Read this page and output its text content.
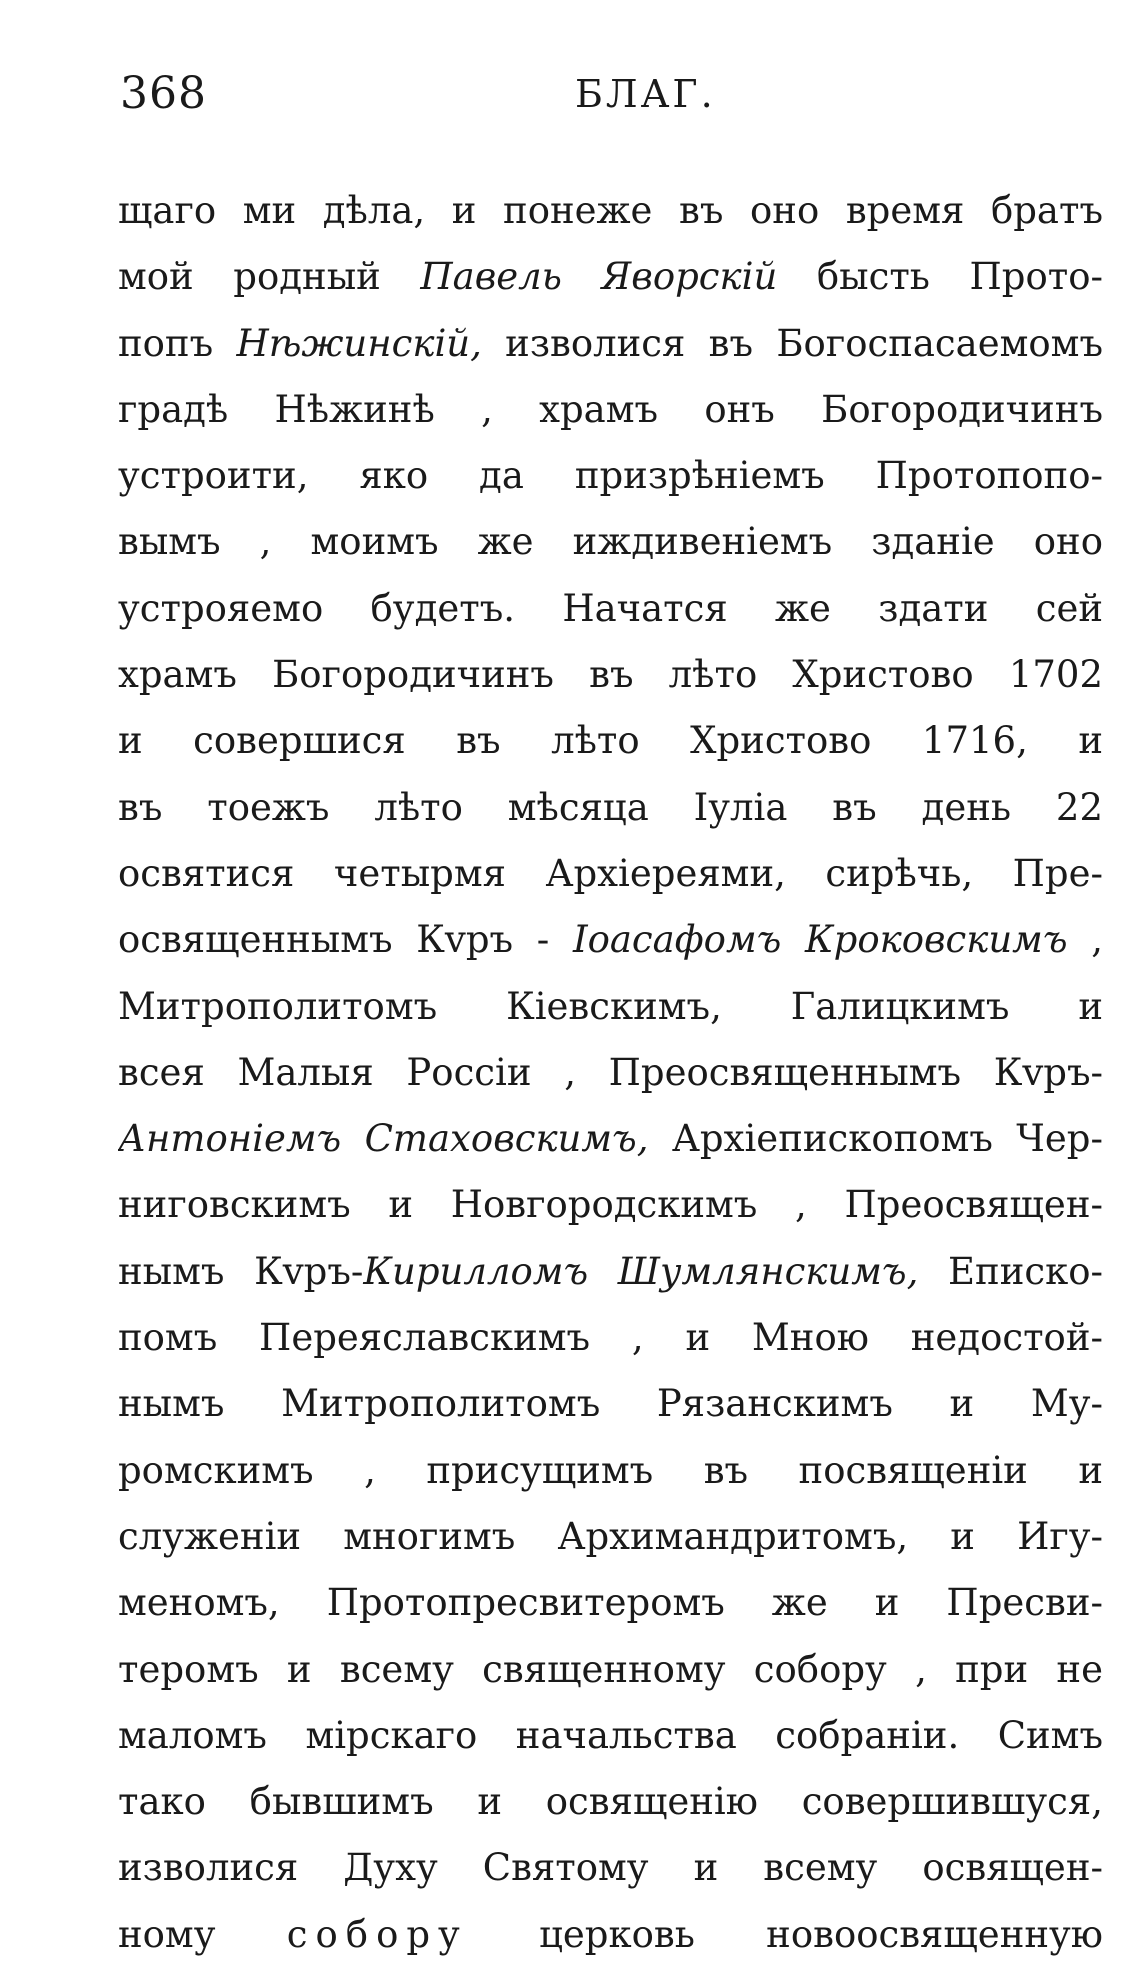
368	БЛАГ.
щаго ми дѣла, и понеже въ оно время братъ
мой родный Павель Яворскій бысть Прото-
попъ Нѣжинскій, изволися въ Богоспасаемомъ
градѣ Нѣжинѣ , храмъ онъ Богородичинъ
устроити, яко да призрѣніемъ Протопопо-
вымъ , моимъ же иждивеніемъ зданіе оно
устрояемо будетъ. Начатся же здати сей
храмъ Богородичинъ въ лѣто Христово 1702
и совершися въ лѣто Христово 1716, и
въ тоежъ лѣто мѣсяца Іуліа въ день 22
освятися четырмя Архіереями, сирѣчь, Пре-
освященнымъ Кvръ - Іоасафомъ Кроковскимъ ,
Митрополитомъ Кіевскимъ, Галицкимъ и
всея Малыя Россіи , Преосвященнымъ Кvръ-
Антоніемъ Стаховскимъ, Архіепископомъ Чер-
ниговскимъ и Новгородскимъ , Преосвящен-
нымъ Кvръ-Кирилломъ Шумлянскимъ, Еписко-
помъ Переяславскимъ , и Мною недостой-
нымъ Митрополитомъ Рязанскимъ и Му-
ромскимъ , присущимъ въ посвященіи и
служеніи многимъ Архимандритомъ, и Игу-
меномъ, Протопресвитеромъ же и Пресви-
тeромъ и всему священному собору , при не
маломъ мірскаго начальства собраніи. Симъ
тако бывшимъ и освященію совершившуся,
изволися Духу Святому и всему освящен-
ному собору церковь новоосвященную
